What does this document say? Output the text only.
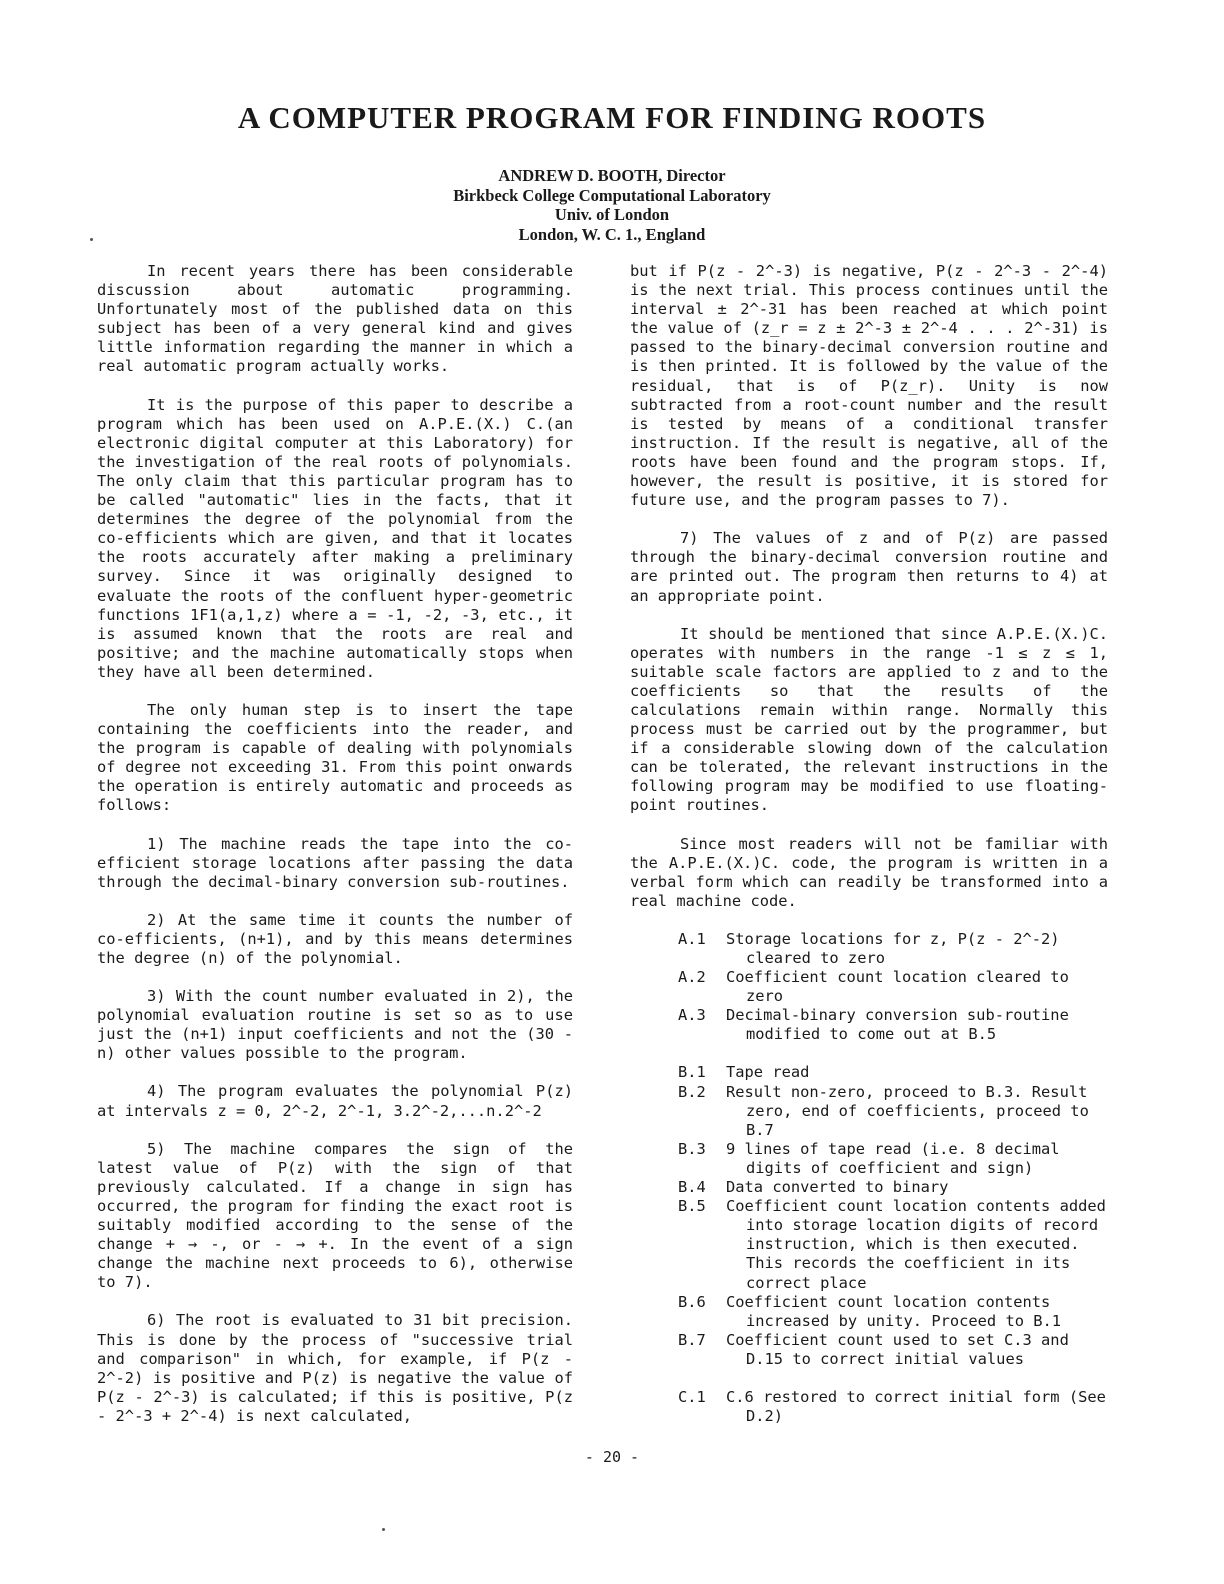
A COMPUTER PROGRAM FOR FINDING ROOTS
ANDREW D. BOOTH, Director
Birkbeck College Computational Laboratory
Univ. of London
London, W. C. 1., England

In recent years there has been considerable discussion about automatic programming. Unfortunately most of the published data on this subject has been of a very general kind and gives little information regarding the manner in which a real automatic program actually works.

It is the purpose of this paper to describe a program which has been used on A.P.E.(X.) C.(an electronic digital computer at this Laboratory) for the investigation of the real roots of polynomials. The only claim that this particular program has to be called "automatic" lies in the facts, that it determines the degree of the polynomial from the co-efficients which are given, and that it locates the roots accurately after making a preliminary survey. Since it was originally designed to evaluate the roots of the confluent hyper-geometric functions 1F1(a,1,z) where a = -1, -2, -3, etc., it is assumed known that the roots are real and positive; and the machine automatically stops when they have all been determined.

The only human step is to insert the tape containing the coefficients into the reader, and the program is capable of dealing with polynomials of degree not exceeding 31. From this point onwards the operation is entirely automatic and proceeds as follows:

1) The machine reads the tape into the co-efficient storage locations after passing the data through the decimal-binary conversion sub-routines.

2) At the same time it counts the number of co-efficients, (n+1), and by this means determines the degree (n) of the polynomial.

3) With the count number evaluated in 2), the polynomial evaluation routine is set so as to use just the (n+1) input coefficients and not the (30 - n) other values possible to the program.

4) The program evaluates the polynomial P(z) at intervals z = 0, 2^-2, 2^-1, 3.2^-2,...n.2^-2

5) The machine compares the sign of the latest value of P(z) with the sign of that previously calculated. If a change in sign has occurred, the program for finding the exact root is suitably modified according to the sense of the change + → -, or - → +. In the event of a sign change the machine next proceeds to 6), otherwise to 7).

6) The root is evaluated to 31 bit precision. This is done by the process of "successive trial and comparison" in which, for example, if P(z - 2^-2) is positive and P(z) is negative the value of P(z - 2^-3) is calculated; if this is positive, P(z - 2^-3 + 2^-4) is next calculated,

but if P(z - 2^-3) is negative, P(z - 2^-3 - 2^-4) is the next trial. This process continues until the interval ± 2^-31 has been reached at which point the value of (z_r = z ± 2^-3 ± 2^-4 . . . 2^-31) is passed to the binary-decimal conversion routine and is then printed. It is followed by the value of the residual, that is of P(z_r). Unity is now subtracted from a root-count number and the result is tested by means of a conditional transfer instruction. If the result is negative, all of the roots have been found and the program stops. If, however, the result is positive, it is stored for future use, and the program passes to 7).

7) The values of z and of P(z) are passed through the binary-decimal conversion routine and are printed out. The program then returns to 4) at an appropriate point.

It should be mentioned that since A.P.E.(X.)C. operates with numbers in the range -1 ≤ z ≤ 1, suitable scale factors are applied to z and to the coefficients so that the results of the calculations remain within range. Normally this process must be carried out by the programmer, but if a considerable slowing down of the calculation can be tolerated, the relevant instructions in the following program may be modified to use floating-point routines.

Since most readers will not be familiar with the A.P.E.(X.)C. code, the program is written in a verbal form which can readily be transformed into a real machine code.

A.1	Storage locations for z, P(z - 2^-2) cleared to zero
A.2	Coefficient count location cleared to zero
A.3	Decimal-binary conversion sub-routine modified to come out at B.5
B.1	Tape read
B.2	Result non-zero, proceed to B.3. Result zero, end of coefficients, proceed to B.7
B.3	9 lines of tape read (i.e. 8 decimal digits of coefficient and sign)
B.4	Data converted to binary
B.5	Coefficient count location contents added into storage location digits of record instruction, which is then executed. This records the coefficient in its correct place
B.6	Coefficient count location contents increased by unity. Proceed to B.1
B.7	Coefficient count used to set C.3 and D.15 to correct initial values
C.1	C.6 restored to correct initial form (See D.2)
- 20 -
